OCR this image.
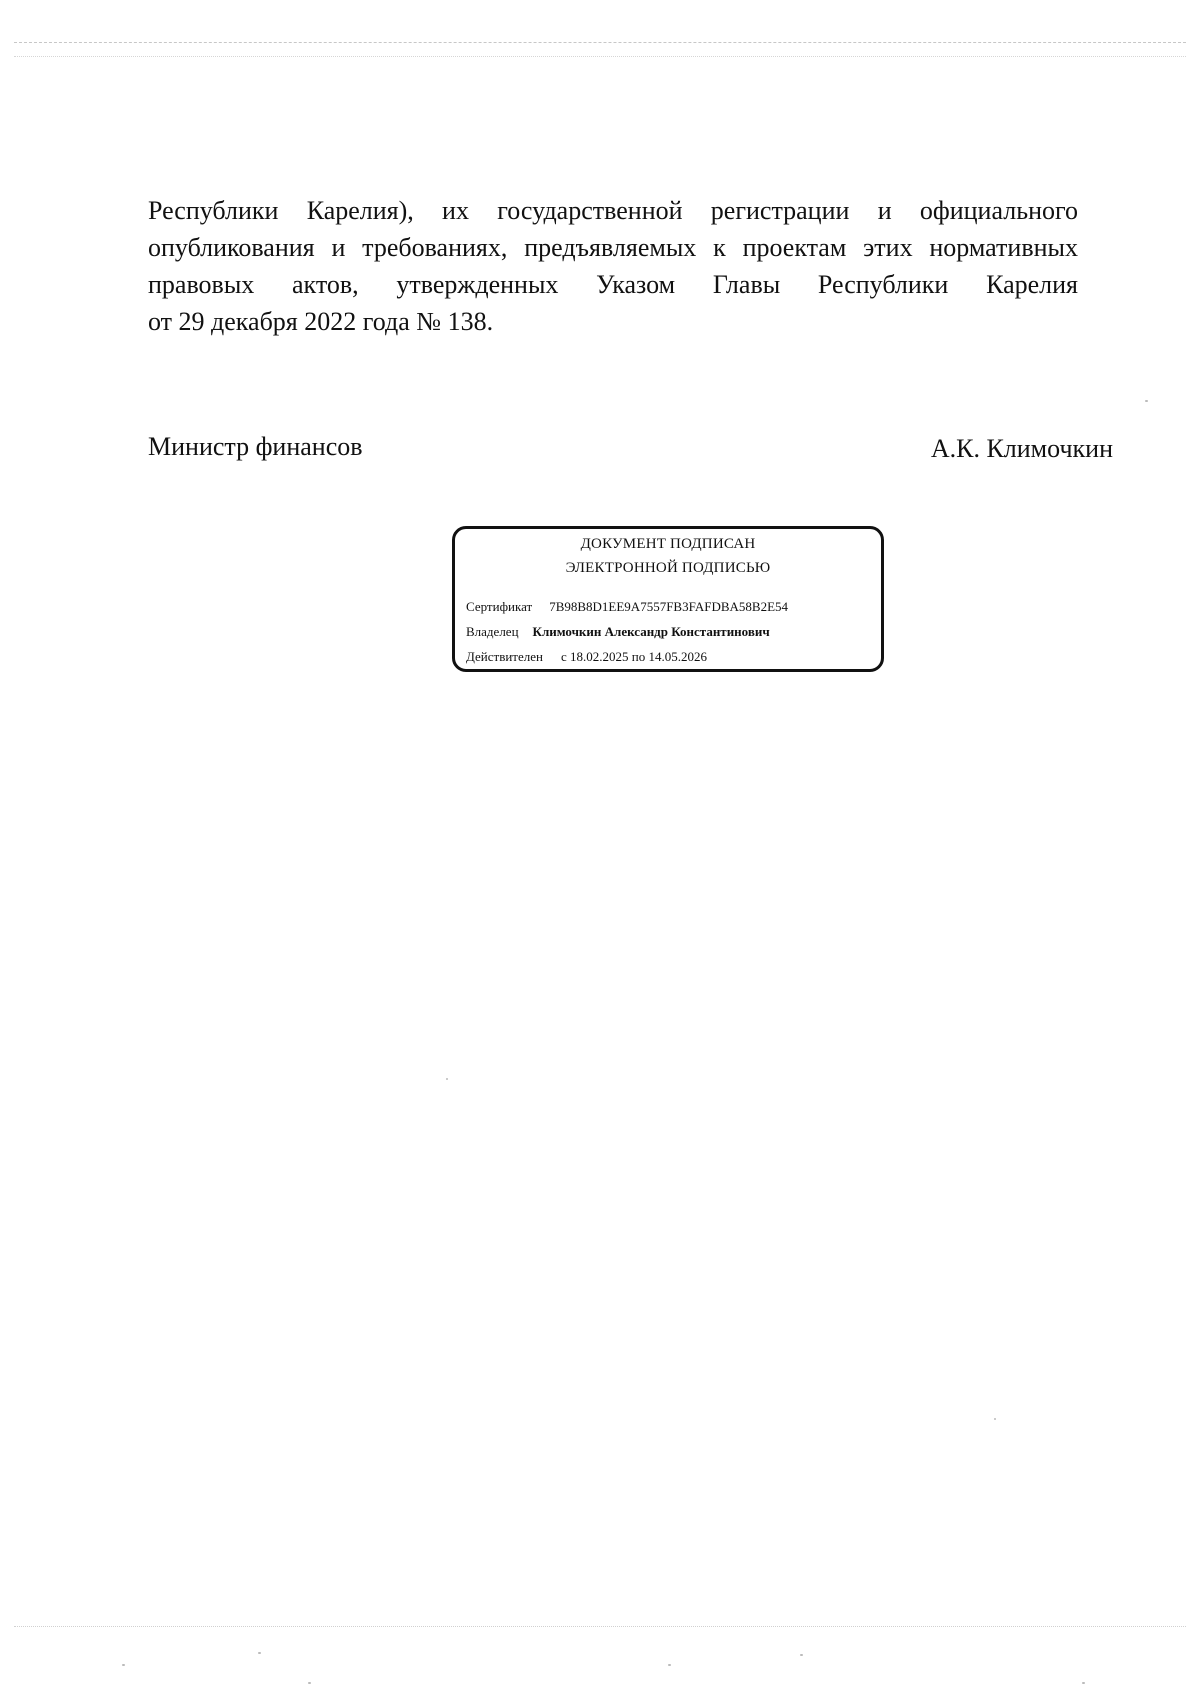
Республики Карелия), их государственной регистрации и официального
опубликования и требованиях, предъявляемых к проектам этих нормативных
правовых актов, утвержденных Указом Главы Республики Карелия
от 29 декабря 2022 года № 138.

Министр финансов	А.К. Климочкин
ДОКУМЕНТ ПОДПИСАН
ЭЛЕКТРОННОЙ ПОДПИСЬЮ
Сертификат 7B98B8D1EE9A7557FB3FAFDBA58B2E54
Владелец Климочкин Александр Константинович
Действителен с 18.02.2025 по 14.05.2026
